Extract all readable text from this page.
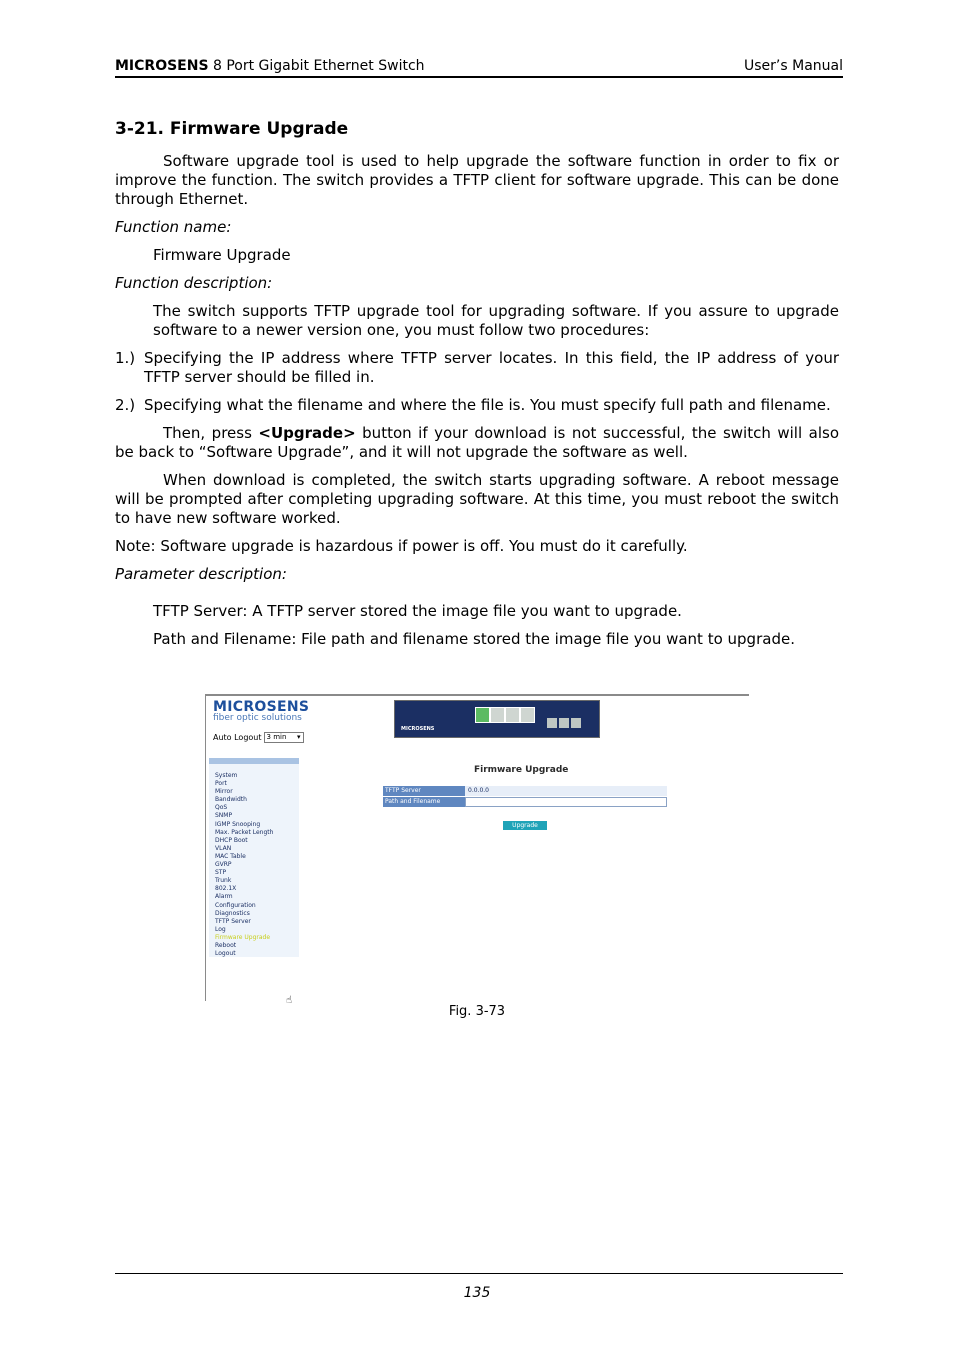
MICROSENS 8 Port Gigabit Ethernet Switch	User’s Manual
3-21. Firmware Upgrade

Software upgrade tool is used to help upgrade the software function in order to fix or improve the function. The switch provides a TFTP client for software upgrade. This can be done through Ethernet.

Function name:

Firmware Upgrade

Function description:

The switch supports TFTP upgrade tool for upgrading software. If you assure to upgrade software to a newer version one, you must follow two procedures:

1.) Specifying the IP address where TFTP server locates. In this field, the IP address of your TFTP server should be filled in.
2.) Specifying what the filename and where the file is. You must specify full path and filename.

Then, press <Upgrade> button if your download is not successful, the switch will also be back to “Software Upgrade”, and it will not upgrade the software as well.

When download is completed, the switch starts upgrading software. A reboot message will be prompted after completing upgrading software. At this time, you must reboot the switch to have new software worked.

Note: Software upgrade is hazardous if power is off. You must do it carefully.

Parameter description:

TFTP Server: A TFTP server stored the image file you want to upgrade.

Path and Filename: File path and filename stored the image file you want to upgrade.

MICROSENS
fiber optic solutions
Auto Logout 3 min ▾
MICROSENS
System
Port
Mirror
Bandwidth
QoS
SNMP
IGMP Snooping
Max. Packet Length
DHCP Boot
VLAN
MAC Table
GVRP
STP
Trunk
802.1X
Alarm
Configuration
Diagnostics
TFTP Server
Log
Firmware Upgrade
Reboot
Logout
☝
Firmware Upgrade
TFTP Server	0.0.0.0
Path and Filename
Upgrade
Fig. 3-73
135
